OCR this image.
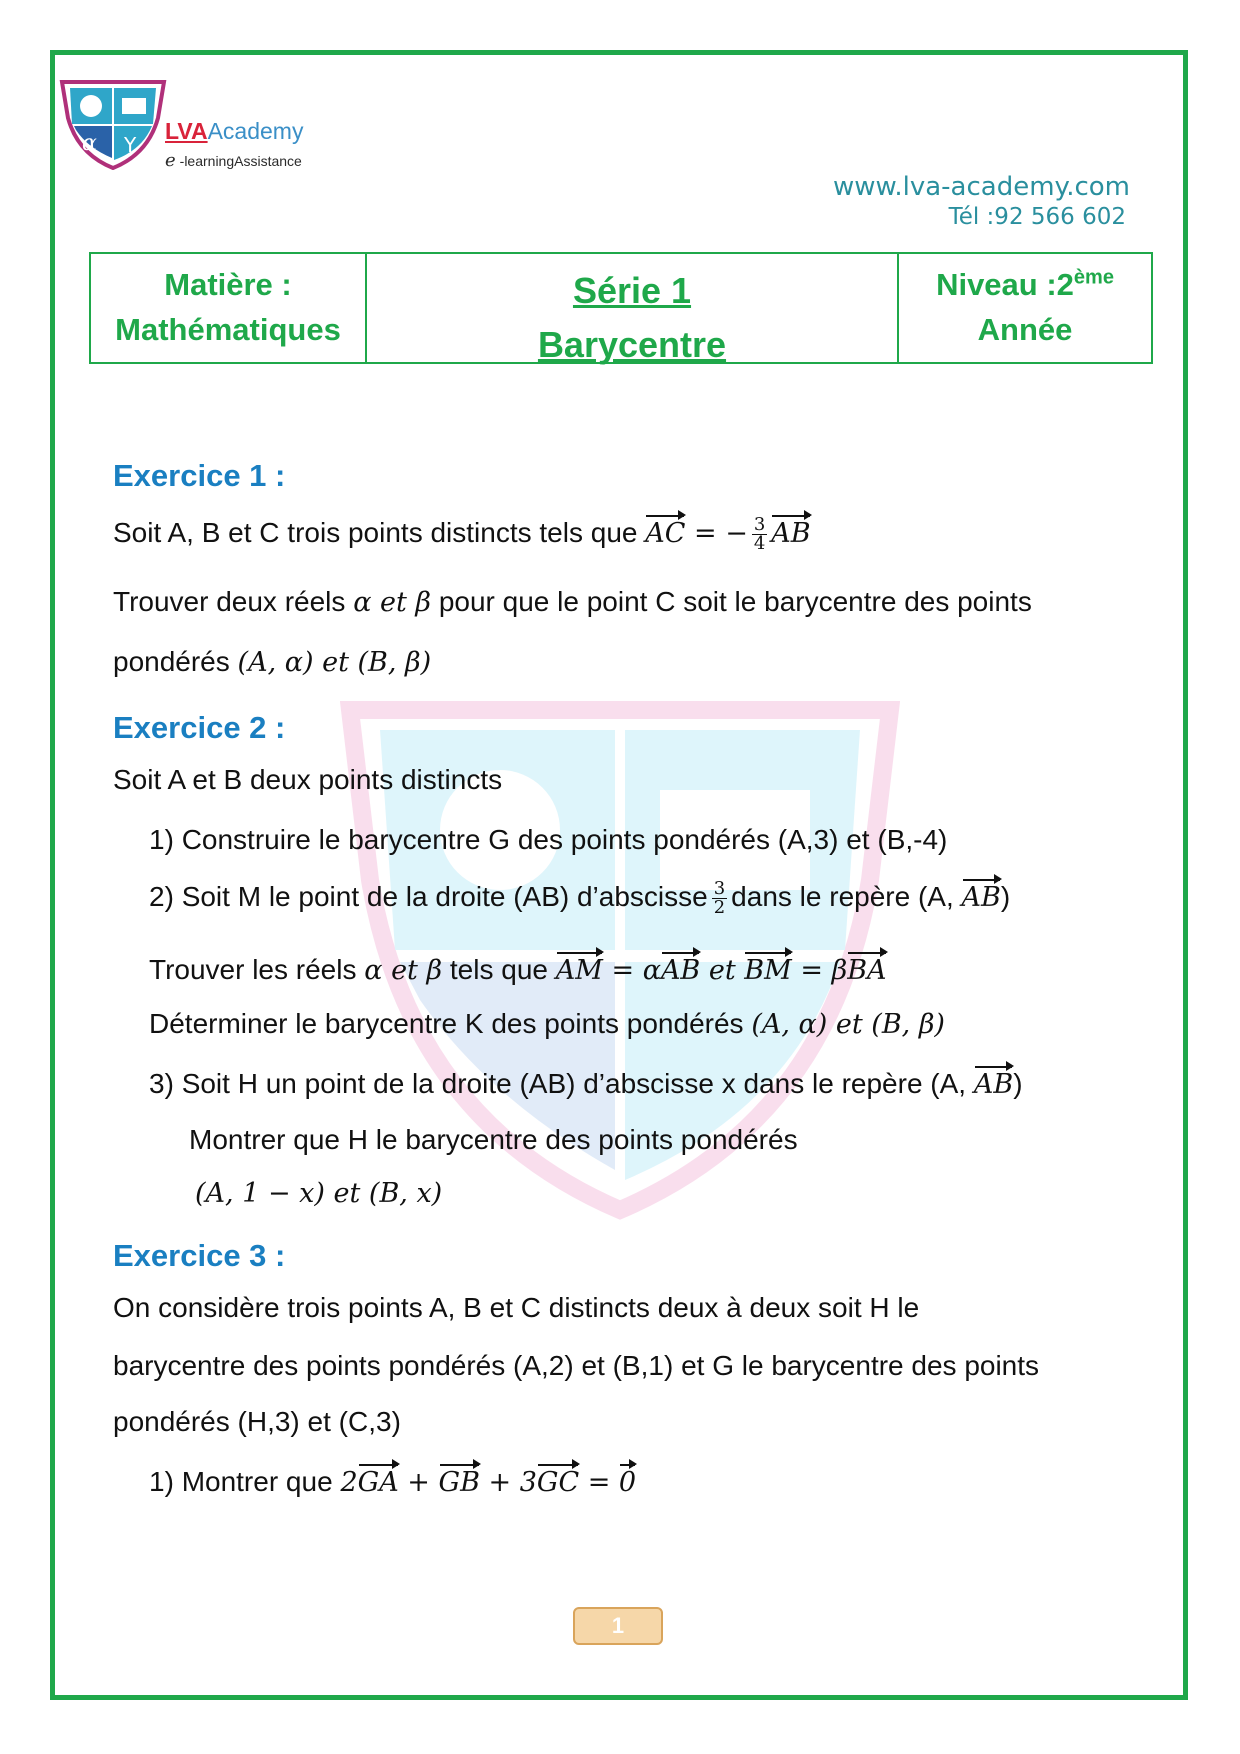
α Y
LVAAcademy
e -learningAssistance
www.lva-academy.com
Tél :92 566 602
Matière :
Mathématiques
Série 1
Barycentre
Niveau :2ème
Année
Exercice 1 :
Soit A, B et C trois points distincts tels que AC = − $\frac{3}{4}$ AB
Trouver deux réels α et β pour que le point C soit le barycentre des points
pondérés (A, α) et (B, β)
Exercice 2 :
Soit A et B deux points distincts
1) Construire le barycentre G des points pondérés (A,3) et (B,-4)
2) Soit M le point de la droite (AB) d’abscisse $\frac{3}{2}$ dans le repère (A, AB)
Trouver les réels α et β tels que AM = αAB et BM = βBA
Déterminer le barycentre K des points pondérés (A, α) et (B, β)
3) Soit H un point de la droite (AB) d’abscisse x dans le repère (A, AB)
Montrer que H le barycentre des points pondérés
(A, 1 − x) et (B, x)
Exercice 3 :
On considère trois points A, B et C distincts deux à deux soit H le
barycentre des points pondérés (A,2) et (B,1) et G le barycentre des points
pondérés (H,3) et (C,3)
1) Montrer que 2GA + GB + 3GC = 0
1
